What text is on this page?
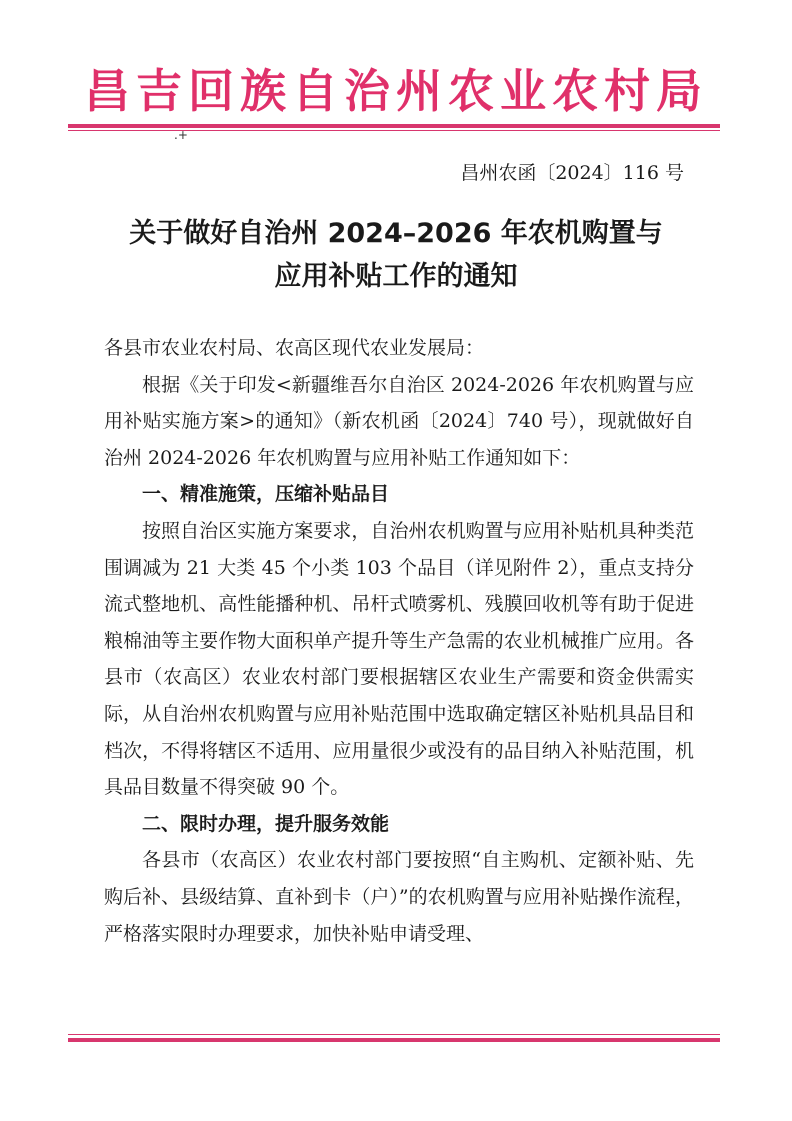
昌吉回族自治州农业农村局
.+
昌州农函〔2024〕116 号
关于做好自治州 2024–2026 年农机购置与
应用补贴工作的通知

各县市农业农村局、农高区现代农业发展局：

根据《关于印发<新疆维吾尔自治区 2024-2026 年农机购置与应用补贴实施方案>的通知》（新农机函〔2024〕740 号），现就做好自治州 2024-2026 年农机购置与应用补贴工作通知如下：

一、精准施策，压缩补贴品目

按照自治区实施方案要求，自治州农机购置与应用补贴机具种类范围调减为 21 大类 45 个小类 103 个品目（详见附件 2），重点支持分流式整地机、高性能播种机、吊杆式喷雾机、残膜回收机等有助于促进粮棉油等主要作物大面积单产提升等生产急需的农业机械推广应用。各县市（农高区）农业农村部门要根据辖区农业生产需要和资金供需实际，从自治州农机购置与应用补贴范围中选取确定辖区补贴机具品目和档次，不得将辖区不适用、应用量很少或没有的品目纳入补贴范围，机具品目数量不得突破 90 个。

二、限时办理，提升服务效能

各县市（农高区）农业农村部门要按照“自主购机、定额补贴、先购后补、县级结算、直补到卡（户）”的农机购置与应用补贴操作流程，严格落实限时办理要求，加快补贴申请受理、
